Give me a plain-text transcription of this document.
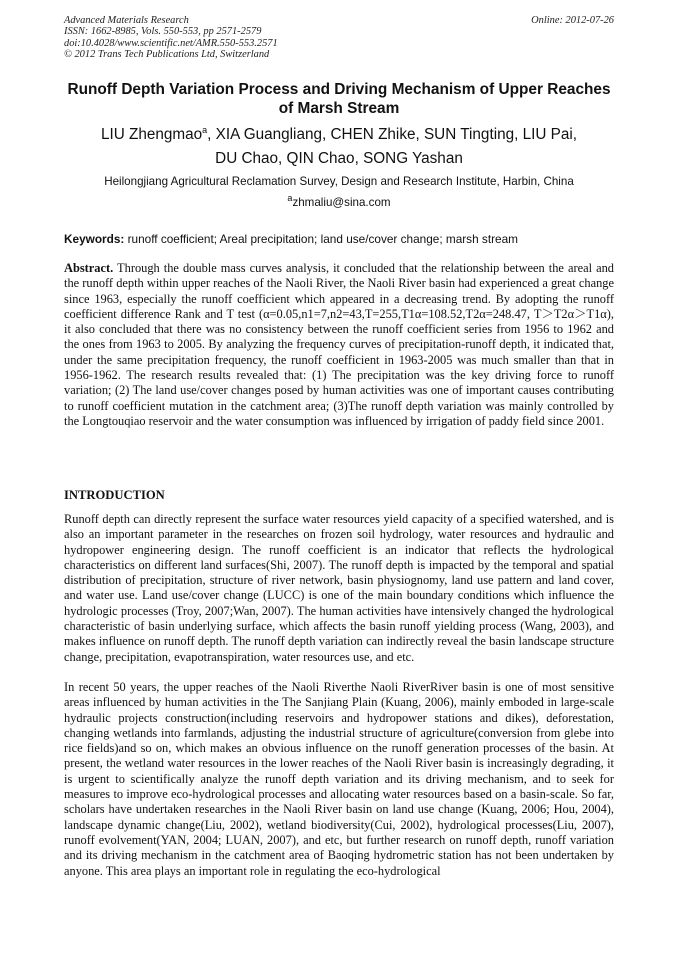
Advanced Materials Research
ISSN: 1662-8985, Vols. 550-553, pp 2571-2579
doi:10.4028/www.scientific.net/AMR.550-553.2571
© 2012 Trans Tech Publications Ltd, Switzerland
Online: 2012-07-26
Runoff Depth Variation Process and Driving Mechanism of Upper Reaches of Marsh Stream
LIU Zhengmao$^a$, XIA Guangliang, CHEN Zhike, SUN Tingting, LIU Pai,
DU Chao, QIN Chao, SONG Yashan
Heilongjiang Agricultural Reclamation Survey, Design and Research Institute, Harbin, China
$^a$zhmaliu@sina.com
Keywords: runoff coefficient; Areal precipitation; land use/cover change; marsh stream
Abstract. Through the double mass curves analysis, it concluded that the relationship between the areal and the runoff depth within upper reaches of the Naoli River, the Naoli River basin had experienced a great change since 1963, especially the runoff coefficient which appeared in a decreasing trend. By adopting the runoff coefficient difference Rank and T test (α=0.05,n1=7,n2=43,T=255,T1α=108.52,T2α=248.47, T＞T2α＞T1α), it also concluded that there was no consistency between the runoff coefficient series from 1956 to 1962 and the ones from 1963 to 2005. By analyzing the frequency curves of precipitation-runoff depth, it indicated that, under the same precipitation frequency, the runoff coefficient in 1963-2005 was much smaller than that in 1956-1962. The research results revealed that: (1) The precipitation was the key driving force to runoff variation; (2) The land use/cover changes posed by human activities was one of important causes contributing to runoff coefficient mutation in the catchment area; (3)The runoff depth variation was mainly controlled by the Longtouqiao reservoir and the water consumption was influenced by irrigation of paddy field since 2001.
INTRODUCTION
Runoff depth can directly represent the surface water resources yield capacity of a specified watershed, and is also an important parameter in the researches on frozen soil hydrology, water resources and hydraulic and hydropower engineering design. The runoff coefficient is an indicator that reflects the hydrological characteristics on different land surfaces(Shi, 2007). The runoff depth is impacted by the temporal and spatial distribution of precipitation, structure of river network, basin physiognomy, land use pattern and land cover, and water use. Land use/cover change (LUCC) is one of the main boundary conditions which influence the hydrologic processes (Troy, 2007;Wan, 2007). The human activities have intensively changed the hydrological characteristic of basin underlying surface, which affects the basin runoff yielding process (Wang, 2003), and makes influence on runoff depth. The runoff depth variation can indirectly reveal the basin landscape structure change, precipitation, evapotranspiration, water resources use, and etc.
In recent 50 years, the upper reaches of the Naoli Riverthe Naoli RiverRiver basin is one of most sensitive areas influenced by human activities in the The Sanjiang Plain (Kuang, 2006), mainly emboded in large-scale hydraulic projects construction(including reservoirs and hydropower stations and dikes), deforestation, changing wetlands into farmlands, adjusting the industrial structure of agriculture(conversion from glebe into rice fields)and so on, which makes an obvious influence on the runoff generation processes of the basin. At present, the wetland water resources in the lower reaches of the Naoli River basin is increasingly degrading, it is urgent to scientifically analyze the runoff depth variation and its driving mechanism, and to seek for measures to improve eco-hydrological processes and allocating water resources based on a basin-scale. So far, scholars have undertaken researches in the Naoli River basin on land use change (Kuang, 2006; Hou, 2004), landscape dynamic change(Liu, 2002), wetland biodiversity(Cui, 2002), hydrological processes(Liu, 2007), runoff evolvement(YAN, 2004; LUAN, 2007), and etc, but further research on runoff depth, runoff variation and its driving mechanism in the catchment area of Baoqing hydrometric station has not been undertaken by anyone. This area plays an important role in regulating the eco-hydrological
